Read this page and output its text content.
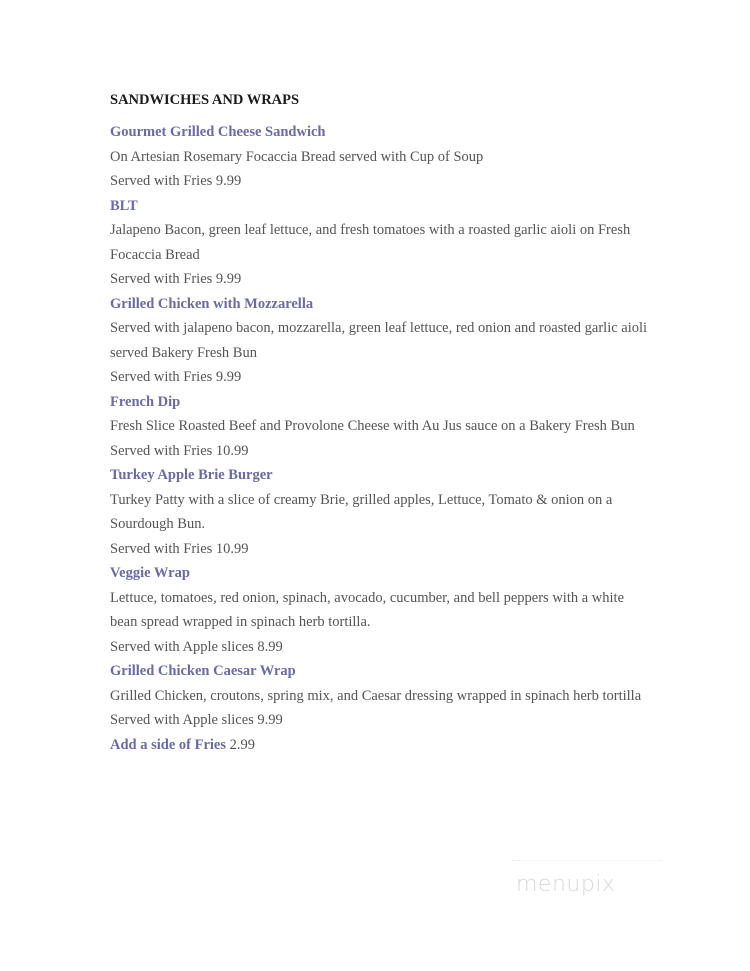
SANDWICHES AND WRAPS
Gourmet Grilled Cheese Sandwich
On Artesian Rosemary Focaccia Bread served with Cup of Soup
Served with Fries 9.99
BLT
Jalapeno Bacon, green leaf lettuce, and fresh tomatoes with a roasted garlic aioli on Fresh Focaccia Bread
Served with Fries 9.99
Grilled Chicken with Mozzarella
Served with jalapeno bacon, mozzarella, green leaf lettuce, red onion and roasted garlic aioli served Bakery Fresh Bun
Served with Fries 9.99
French Dip
Fresh Slice Roasted Beef and Provolone Cheese with Au Jus sauce on a Bakery Fresh Bun
Served with Fries 10.99
Turkey Apple Brie Burger
Turkey Patty with a slice of creamy Brie, grilled apples, Lettuce, Tomato & onion on a Sourdough Bun.
Served with Fries 10.99
Veggie Wrap
Lettuce, tomatoes, red onion, spinach, avocado, cucumber, and bell peppers with a white bean spread wrapped in spinach herb tortilla.
Served with Apple slices 8.99
Grilled Chicken Caesar Wrap
Grilled Chicken, croutons, spring mix, and Caesar dressing wrapped in spinach herb tortilla
Served with Apple slices 9.99
Add a side of Fries 2.99
menupix
